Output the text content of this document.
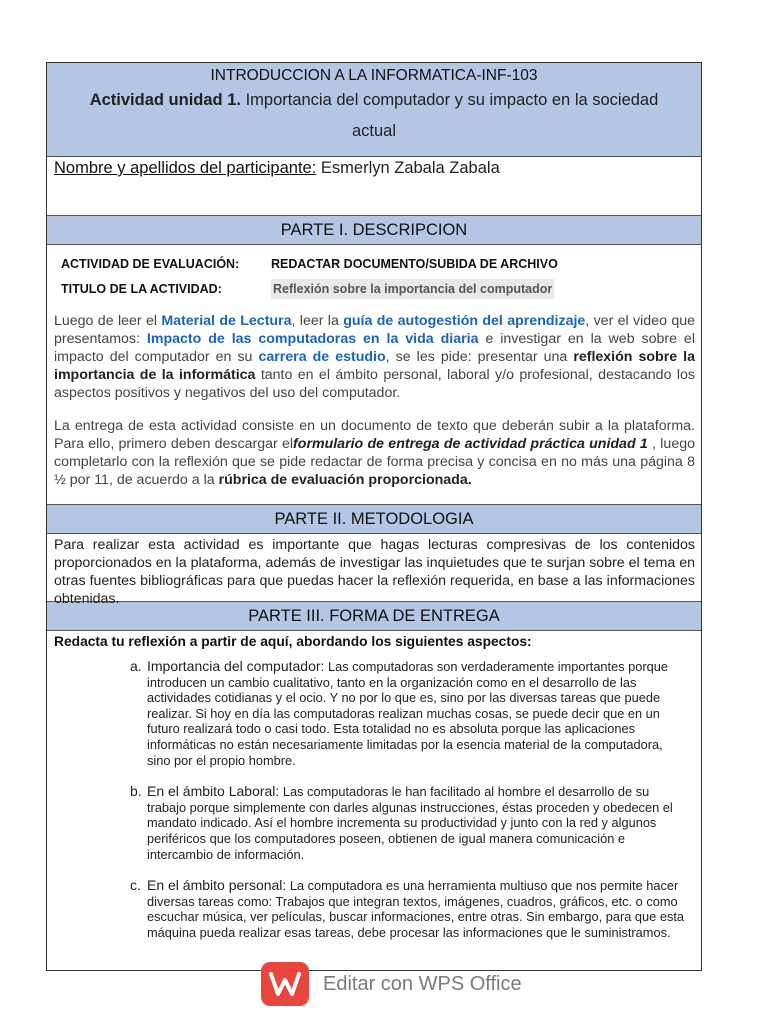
INTRODUCCION A LA INFORMATICA-INF-103
Actividad unidad 1. Importancia del computador y su impacto en la sociedad actual
Nombre y apellidos del participante: Esmerlyn Zabala Zabala
PARTE I. DESCRIPCION
ACTIVIDAD DE EVALUACIÓN:	REDACTAR DOCUMENTO/SUBIDA DE ARCHIVO
TITULO DE LA ACTIVIDAD:	Reflexión sobre la importancia del computador
Luego de leer el Material de Lectura, leer la guía de autogestión del aprendizaje, ver el video que presentamos: Impacto de las computadoras en la vida diaria e investigar en la web sobre el impacto del computador en su carrera de estudio, se les pide: presentar una reflexión sobre la importancia de la informática tanto en el ámbito personal, laboral y/o profesional, destacando los aspectos positivos y negativos del uso del computador.
La entrega de esta actividad consiste en un documento de texto que deberán subir a la plataforma. Para ello, primero deben descargar elformulario de entrega de actividad práctica unidad 1 , luego completarlo con la reflexión que se pide redactar de forma precisa y concisa en no más una página 8 ½ por 11, de acuerdo a la rúbrica de evaluación proporcionada.
PARTE II. METODOLOGIA
Para realizar esta actividad es importante que hagas lecturas compresivas de los contenidos proporcionados en la plataforma, además de investigar las inquietudes que te surjan sobre el tema en otras fuentes bibliográficas para que puedas hacer la reflexión requerida, en base a las informaciones obtenidas.
PARTE III. FORMA DE ENTREGA
Redacta tu reflexión a partir de aquí, abordando los siguientes aspectos:
a. Importancia del computador: Las computadoras son verdaderamente importantes porque introducen un cambio cualitativo, tanto en la organización como en el desarrollo de las actividades cotidianas y el ocio. Y no por lo que es, sino por las diversas tareas que puede realizar. Si hoy en día las computadoras realizan muchas cosas, se puede decir que en un futuro realizará todo o casi todo. Esta totalidad no es absoluta porque las aplicaciones informáticas no están necesariamente limitadas por la esencia material de la computadora, sino por el propio hombre.
b. En el ámbito Laboral: Las computadoras le han facilitado al hombre el desarrollo de su trabajo porque simplemente con darles algunas instrucciones, éstas proceden y obedecen el mandato indicado. Así el hombre incrementa su productividad y junto con la red y algunos periféricos que los computadores poseen, obtienen de igual manera comunicación e intercambio de información.
c. En el ámbito personal: La computadora es una herramienta multiuso que nos permite hacer diversas tareas como: Trabajos que integran textos, imágenes, cuadros, gráficos, etc. o como escuchar música, ver películas, buscar informaciones, entre otras. Sin embargo, para que esta máquina pueda realizar esas tareas, debe procesar las informaciones que le suministramos.
Editar con WPS Office
